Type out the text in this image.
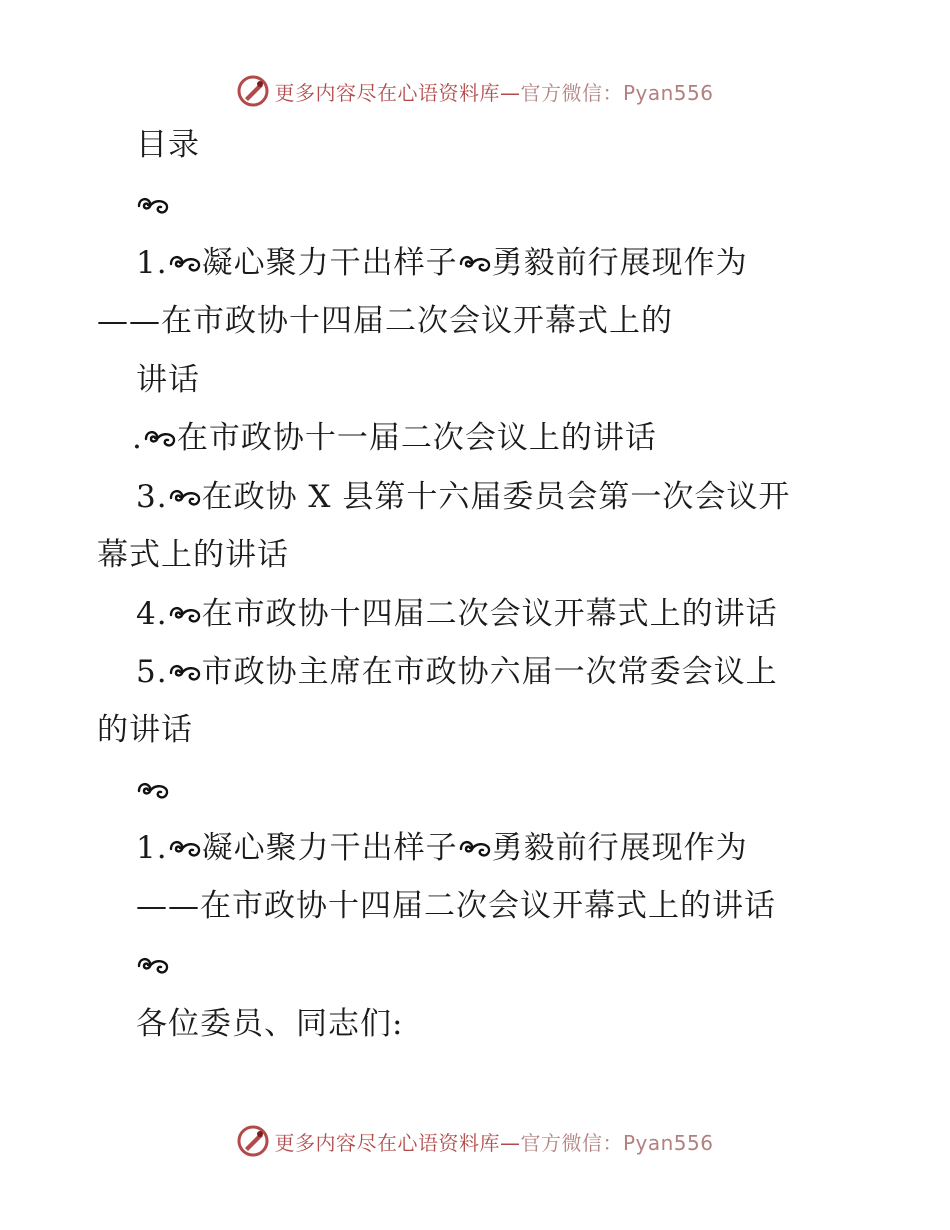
更多内容尽在心语资料库— 官方微信：Pyan556
目录
1. 凝心聚力干出样子 勇毅前行展现作为
——在市政协十四届二次会议开幕式上的
讲话
. 在市政协十一届二次会议上的讲话
3. 在政协 X 县第十六届委员会第一次会议开
幕式上的讲话
4. 在市政协十四届二次会议开幕式上的讲话
5. 市政协主席在市政协六届一次常委会议上
的讲话
1. 凝心聚力干出样子 勇毅前行展现作为
——在市政协十四届二次会议开幕式上的讲话
各位委员、同志们:
更多内容尽在心语资料库— 官方微信：Pyan556
